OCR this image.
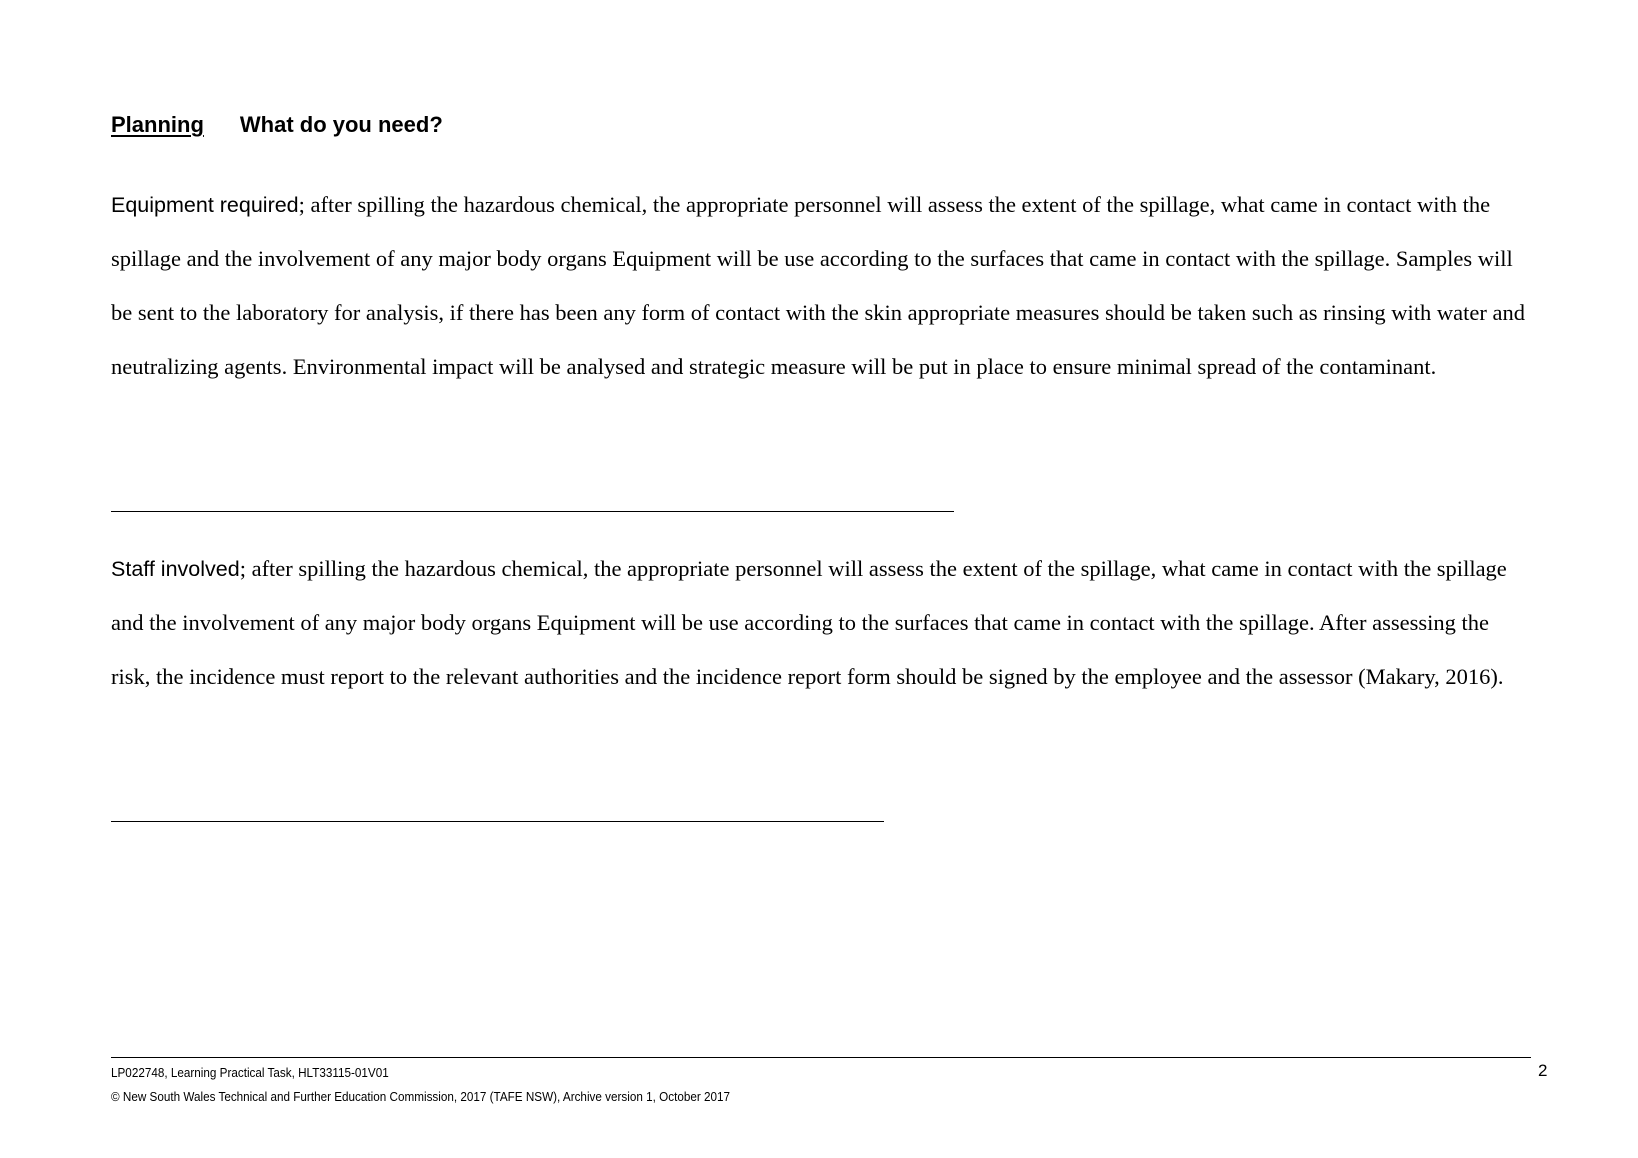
Planning What do you need?

Equipment required; after spilling the hazardous chemical, the appropriate personnel will assess the extent of the spillage, what came in contact with the spillage and the involvement of any major body organs Equipment will be use according to the surfaces that came in contact with the spillage. Samples will be sent to the laboratory for analysis, if there has been any form of contact with the skin appropriate measures should be taken such as rinsing with water and neutralizing agents. Environmental impact will be analysed and strategic measure will be put in place to ensure minimal spread of the contaminant.

Staff involved; after spilling the hazardous chemical, the appropriate personnel will assess the extent of the spillage, what came in contact with the spillage and the involvement of any major body organs Equipment will be use according to the surfaces that came in contact with the spillage. After assessing the risk, the incidence must report to the relevant authorities and the incidence report form should be signed by the employee and the assessor (Makary, 2016).

LP022748, Learning Practical Task, HLT33115-01V01
© New South Wales Technical and Further Education Commission, 2017 (TAFE NSW), Archive version 1, October 2017
2
